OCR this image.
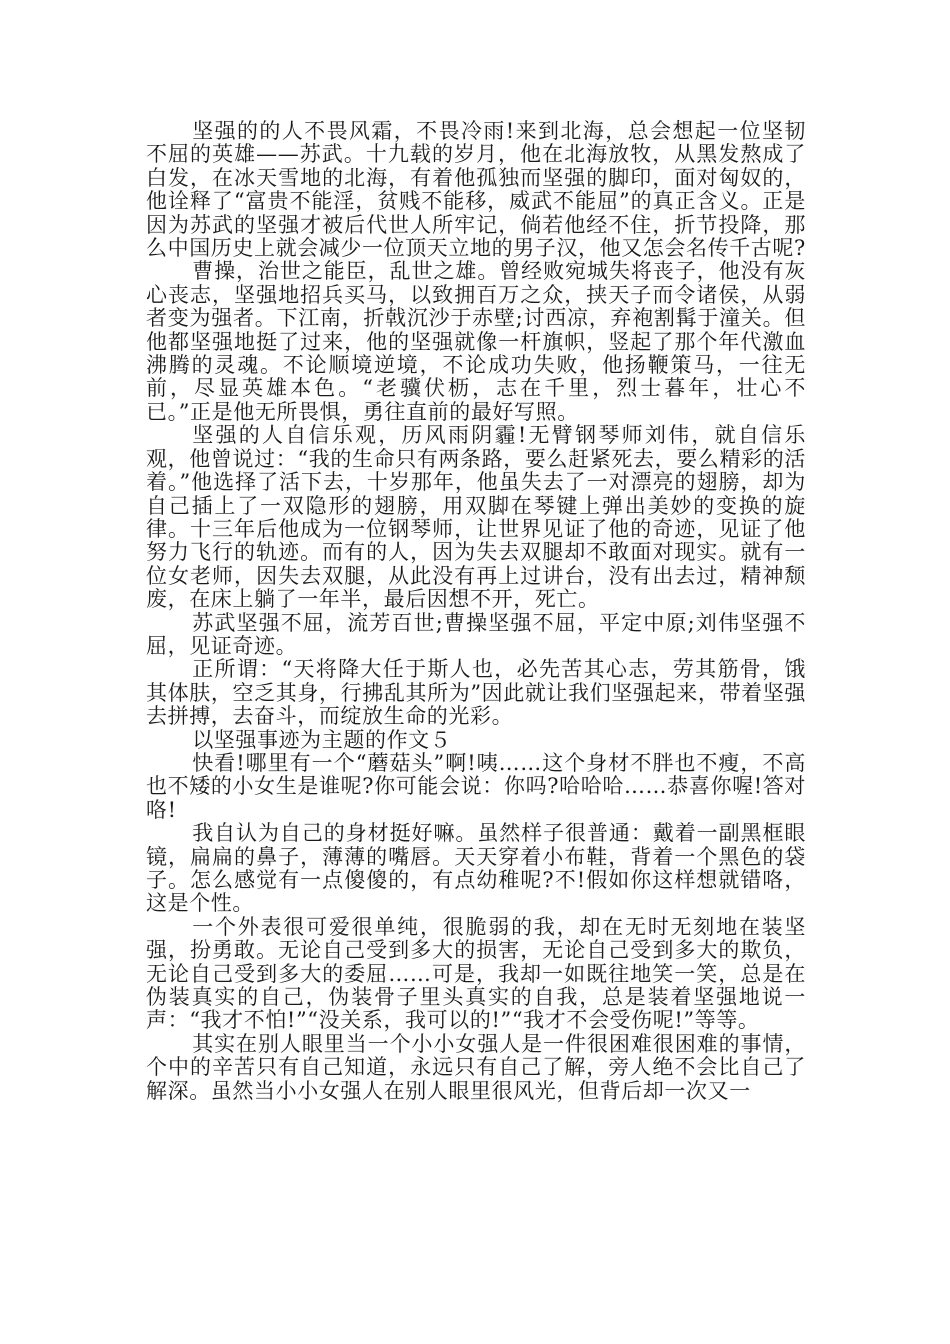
坚强的的人不畏风霜，不畏冷雨!来到北海，总会想起一位坚韧不屈的英雄——苏武。十九载的岁月，他在北海放牧，从黑发熬成了白发，在冰天雪地的北海，有着他孤独而坚强的脚印，面对匈奴的，他诠释了“富贵不能淫，贫贱不能移，威武不能屈”的真正含义。正是因为苏武的坚强才被后代世人所牢记，倘若他经不住，折节投降，那么中国历史上就会减少一位顶天立地的男子汉，他又怎会名传千古呢?

曹操，治世之能臣，乱世之雄。曾经败宛城失将丧子，他没有灰心丧志，坚强地招兵买马，以致拥百万之众，挟天子而令诸侯，从弱者变为强者。下江南，折戟沉沙于赤壁;讨西凉，弃袍割髯于潼关。但他都坚强地挺了过来，他的坚强就像一杆旗帜，竖起了那个年代激血沸腾的灵魂。不论顺境逆境，不论成功失败，他扬鞭策马，一往无前，尽显英雄本色。“老骥伏枥，志在千里，烈士暮年，壮心不已。”正是他无所畏惧，勇往直前的最好写照。

坚强的人自信乐观，历风雨阴霾!无臂钢琴师刘伟，就自信乐观，他曾说过：“我的生命只有两条路，要么赶紧死去，要么精彩的活着。”他选择了活下去，十岁那年，他虽失去了一对漂亮的翅膀，却为自己插上了一双隐形的翅膀，用双脚在琴键上弹出美妙的变换的旋律。十三年后他成为一位钢琴师，让世界见证了他的奇迹，见证了他努力飞行的轨迹。而有的人，因为失去双腿却不敢面对现实。就有一位女老师，因失去双腿，从此没有再上过讲台，没有出去过，精神颓废，在床上躺了一年半，最后因想不开，死亡。

苏武坚强不屈，流芳百世;曹操坚强不屈，平定中原;刘伟坚强不屈，见证奇迹。

正所谓：“天将降大任于斯人也，必先苦其心志，劳其筋骨，饿其体肤，空乏其身，行拂乱其所为”因此就让我们坚强起来，带着坚强去拼搏，去奋斗，而绽放生命的光彩。

以坚强事迹为主题的作文５

快看!哪里有一个“蘑菇头”啊!咦……这个身材不胖也不瘦，不高也不矮的小女生是谁呢?你可能会说：你吗?哈哈哈……恭喜你喔!答对咯!

我自认为自己的身材挺好嘛。虽然样子很普通：戴着一副黑框眼镜，扁扁的鼻子，薄薄的嘴唇。天天穿着小布鞋，背着一个黑色的袋子。怎么感觉有一点傻傻的，有点幼稚呢?不!假如你这样想就错咯，这是个性。

一个外表很可爱很单纯，很脆弱的我，却在无时无刻地在装坚强，扮勇敢。无论自己受到多大的损害，无论自己受到多大的欺负，无论自己受到多大的委屈……可是，我却一如既往地笑一笑，总是在伪装真实的自己，伪装骨子里头真实的自我，总是装着坚强地说一声：“我才不怕!”“没关系，我可以的!”“我才不会受伤呢!”等等。

其实在别人眼里当一个小小女强人是一件很困难很困难的事情，个中的辛苦只有自己知道，永远只有自己了解，旁人绝不会比自己了解深。虽然当小小女强人在别人眼里很风光，但背后却一次又一
